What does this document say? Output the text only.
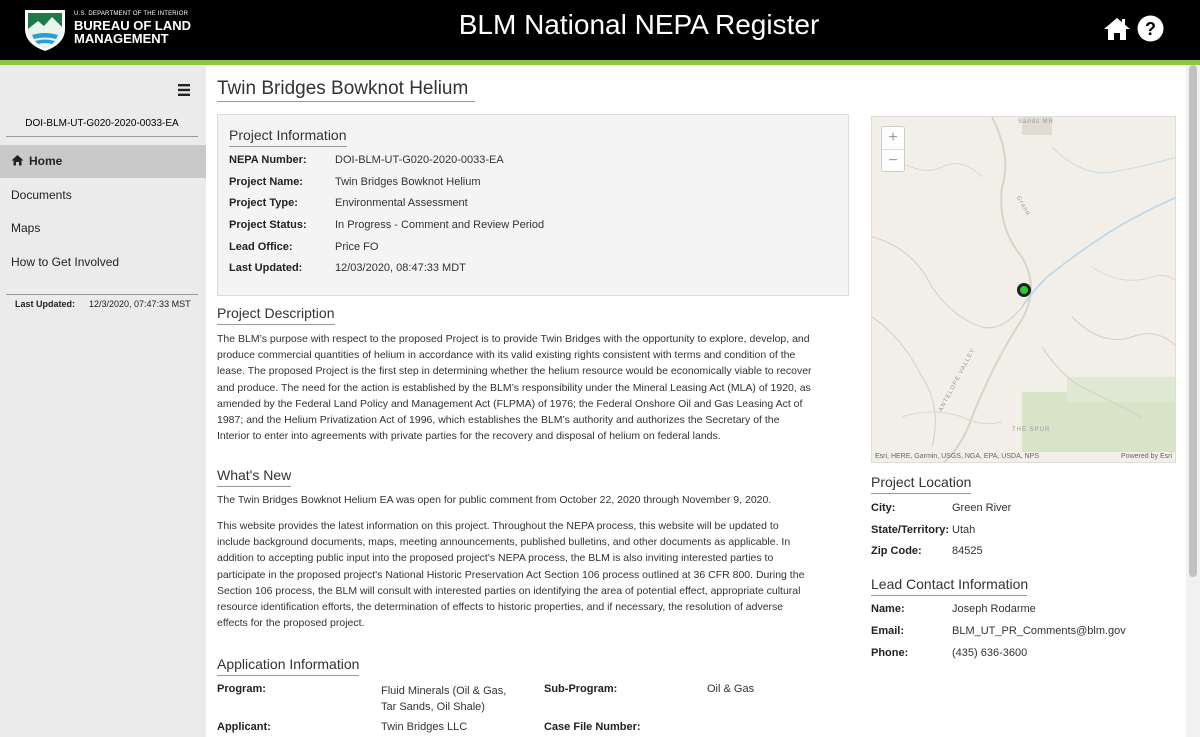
U.S. DEPARTMENT OF THE INTERIOR
BUREAU OF LAND
MANAGEMENT	BLM National NEPA Register	?
DOI-BLM-UT-G020-2020-0033-EA
Home
Documents
Maps
How to Get Involved
Last Updated: 12/3/2020, 07:47:33 MST
Twin Bridges Bowknot Helium
Project Information
NEPA Number:	DOI-BLM-UT-G020-2020-0033-EA
Project Name:	Twin Bridges Bowknot Helium
Project Type:	Environmental Assessment
Project Status:	In Progress - Comment and Review Period
Lead Office:	Price FO
Last Updated:	12/03/2020, 08:47:33 MDT
Project Description
The BLM’s purpose with respect to the proposed Project is to provide Twin Bridges with the opportunity to explore, develop, and
produce commercial quantities of helium in accordance with its valid existing rights consistent with terms and condition of the
lease. The proposed Project is the first step in determining whether the helium resource would be economically viable to recover
and produce. The need for the action is established by the BLM’s responsibility under the Mineral Leasing Act (MLA) of 1920, as
amended by the Federal Land Policy and Management Act (FLPMA) of 1976; the Federal Onshore Oil and Gas Leasing Act of
1987; and the Helium Privatization Act of 1996, which establishes the BLM’s authority and authorizes the Secretary of the
Interior to enter into agreements with private parties for the recovery and disposal of helium on federal lands.
What's New
The Twin Bridges Bowknot Helium EA was open for public comment from October 22, 2020 through November 9, 2020.
This website provides the latest information on this project. Throughout the NEPA process, this website will be updated to
include background documents, maps, meeting announcements, published bulletins, and other documents as applicable. In
addition to accepting public input into the proposed project's NEPA process, the BLM is also inviting interested parties to
participate in the proposed project's National Historic Preservation Act Section 106 process outlined at 36 CFR 800. During the
Section 106 process, the BLM will consult with interested parties on identifying the area of potential effect, appropriate cultural
resource identification efforts, the determination of effects to historic properties, and if necessary, the resolution of adverse
effects for the proposed project.
Application Information
Program:	Fluid Minerals (Oil & Gas,
Tar Sands, Oil Shale)
Sub-Program:	Oil & Gas
Applicant:	Twin Bridges LLC	Case File Number:
+
−
Sands MR
Grand
ANTELOPE VALLEY
THE SPUR
Esri, HERE, Garmin, USGS, NGA, EPA, USDA, NPS	Powered by Esri
Project Location
City:	Green River
State/Territory: Utah
Zip Code:	84525
Lead Contact Information
Name:	Joseph Rodarme
Email:	BLM_UT_PR_Comments@blm.gov
Phone:	(435) 636-3600
